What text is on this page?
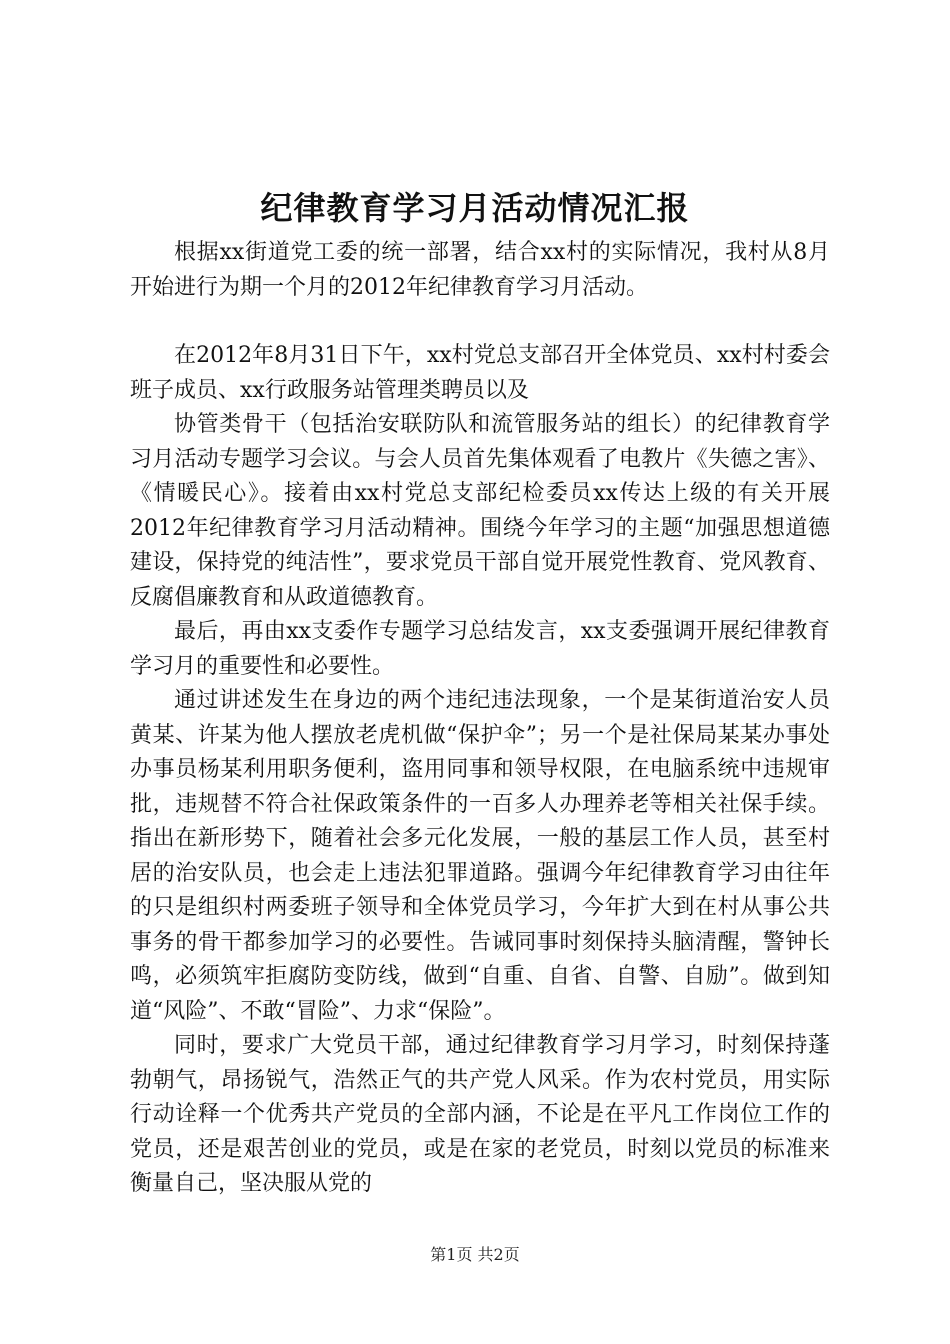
纪律教育学习月活动情况汇报

根据xx街道党工委的统一部署，结合xx村的实际情况，我村从8月开始进行为期一个月的2012年纪律教育学习月活动。

在2012年8月31日下午，xx村党总支部召开全体党员、xx村村委会班子成员、xx行政服务站管理类聘员以及

协管类骨干（包括治安联防队和流管服务站的组长）的纪律教育学习月活动专题学习会议。与会人员首先集体观看了电教片《失德之害》、《情暖民心》。接着由xx村党总支部纪检委员xx传达上级的有关开展2012年纪律教育学习月活动精神。围绕今年学习的主题“加强思想道德建设，保持党的纯洁性”，要求党员干部自觉开展党性教育、党风教育、反腐倡廉教育和从政道德教育。

最后，再由xx支委作专题学习总结发言，xx支委强调开展纪律教育学习月的重要性和必要性。

通过讲述发生在身边的两个违纪违法现象，一个是某街道治安人员黄某、许某为他人摆放老虎机做“保护伞”；另一个是社保局某某办事处办事员杨某利用职务便利，盗用同事和领导权限，在电脑系统中违规审批，违规替不符合社保政策条件的一百多人办理养老等相关社保手续。指出在新形势下，随着社会多元化发展，一般的基层工作人员，甚至村居的治安队员，也会走上违法犯罪道路。强调今年纪律教育学习由往年的只是组织村两委班子领导和全体党员学习，今年扩大到在村从事公共事务的骨干都参加学习的必要性。告诫同事时刻保持头脑清醒，警钟长鸣，必须筑牢拒腐防变防线，做到“自重、自省、自警、自励”。做到知道“风险”、不敢“冒险”、力求“保险”。

同时，要求广大党员干部，通过纪律教育学习月学习，时刻保持蓬勃朝气，昂扬锐气，浩然正气的共产党人风采。作为农村党员，用实际行动诠释一个优秀共产党员的全部内涵，不论是在平凡工作岗位工作的党员，还是艰苦创业的党员，或是在家的老党员，时刻以党员的标准来衡量自己，坚决服从党的

第1页 共2页
